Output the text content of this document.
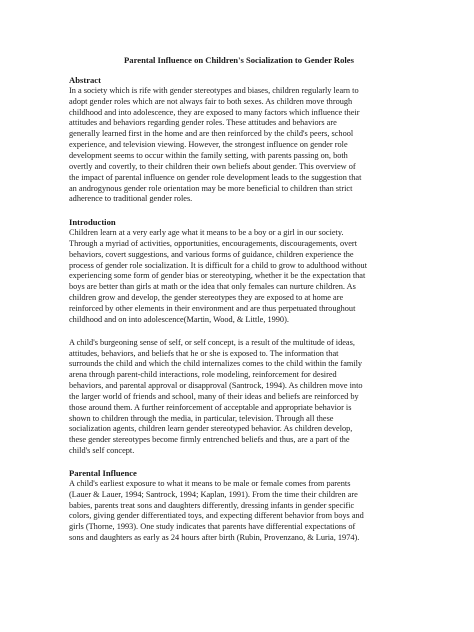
Parental Influence on Children's Socialization to Gender Roles
Abstract
In a society which is rife with gender stereotypes and biases, children regularly learn to
adopt gender roles which are not always fair to both sexes. As children move through
childhood and into adolescence, they are exposed to many factors which influence their
attitudes and behaviors regarding gender roles. These attitudes and behaviors are
generally learned first in the home and are then reinforced by the child's peers, school
experience, and television viewing. However, the strongest influence on gender role
development seems to occur within the family setting, with parents passing on, both
overtly and covertly, to their children their own beliefs about gender. This overview of
the impact of parental influence on gender role development leads to the suggestion that
an androgynous gender role orientation may be more beneficial to children than strict
adherence to traditional gender roles.
Introduction
Children learn at a very early age what it means to be a boy or a girl in our society.
Through a myriad of activities, opportunities, encouragements, discouragements, overt
behaviors, covert suggestions, and various forms of guidance, children experience the
process of gender role socialization. It is difficult for a child to grow to adulthood without
experiencing some form of gender bias or stereotyping, whether it be the expectation that
boys are better than girls at math or the idea that only females can nurture children. As
children grow and develop, the gender stereotypes they are exposed to at home are
reinforced by other elements in their environment and are thus perpetuated throughout
childhood and on into adolescence(Martin, Wood, & Little, 1990).
A child's burgeoning sense of self, or self concept, is a result of the multitude of ideas,
attitudes, behaviors, and beliefs that he or she is exposed to. The information that
surrounds the child and which the child internalizes comes to the child within the family
arena through parent-child interactions, role modeling, reinforcement for desired
behaviors, and parental approval or disapproval (Santrock, 1994). As children move into
the larger world of friends and school, many of their ideas and beliefs are reinforced by
those around them. A further reinforcement of acceptable and appropriate behavior is
shown to children through the media, in particular, television. Through all these
socialization agents, children learn gender stereotyped behavior. As children develop,
these gender stereotypes become firmly entrenched beliefs and thus, are a part of the
child's self concept.
Parental Influence
A child's earliest exposure to what it means to be male or female comes from parents
(Lauer & Lauer, 1994; Santrock, 1994; Kaplan, 1991). From the time their children are
babies, parents treat sons and daughters differently, dressing infants in gender specific
colors, giving gender differentiated toys, and expecting different behavior from boys and
girls (Thorne, 1993). One study indicates that parents have differential expectations of
sons and daughters as early as 24 hours after birth (Rubin, Provenzano, & Luria, 1974).
